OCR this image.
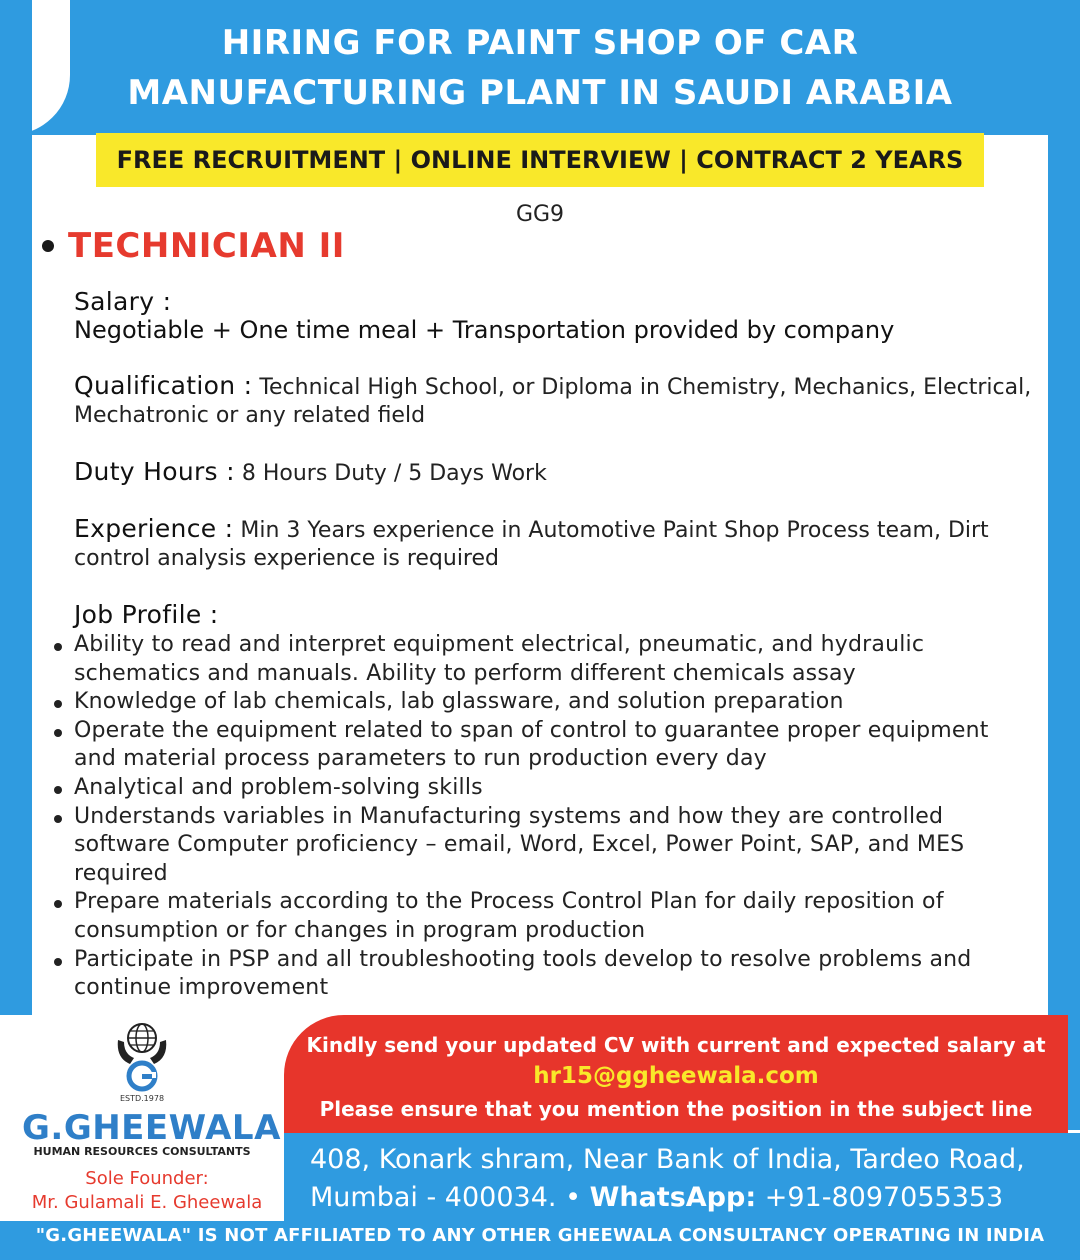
HIRING FOR PAINT SHOP OF CAR
MANUFACTURING PLANT IN SAUDI ARABIA
FREE RECRUITMENT | ONLINE INTERVIEW | CONTRACT 2 YEARS
GG9
TECHNICIAN II
Salary :
Negotiable + One time meal + Transportation provided by company
Qualification : Technical High School, or Diploma in Chemistry, Mechanics, Electrical, Mechatronic or any related field
Duty Hours : 8 Hours Duty / 5 Days Work
Experience : Min 3 Years experience in Automotive Paint Shop Process team, Dirt control analysis experience is required
Job Profile :
Ability to read and interpret equipment electrical, pneumatic, and hydraulic schematics and manuals. Ability to perform different chemicals assay
Knowledge of lab chemicals, lab glassware, and solution preparation
Operate the equipment related to span of control to guarantee proper equipment and material process parameters to run production every day
Analytical and problem-solving skills
Understands variables in Manufacturing systems and how they are controlled software Computer proficiency – email, Word, Excel, Power Point, SAP, and MES required
Prepare materials according to the Process Control Plan for daily reposition of consumption or for changes in program production
Participate in PSP and all troubleshooting tools develop to resolve problems and continue improvement
ESTD.1978
G.GHEEWALA
HUMAN RESOURCES CONSULTANTS
Sole Founder:
Mr. Gulamali E. Gheewala
Kindly send your updated CV with current and expected salary at
hr15@ggheewala.com
Please ensure that you mention the position in the subject line
408, Konark shram, Near Bank of India, Tardeo Road,
Mumbai - 400034. • WhatsApp: +91-8097055353
"G.GHEEWALA" IS NOT AFFILIATED TO ANY OTHER GHEEWALA CONSULTANCY OPERATING IN INDIA
